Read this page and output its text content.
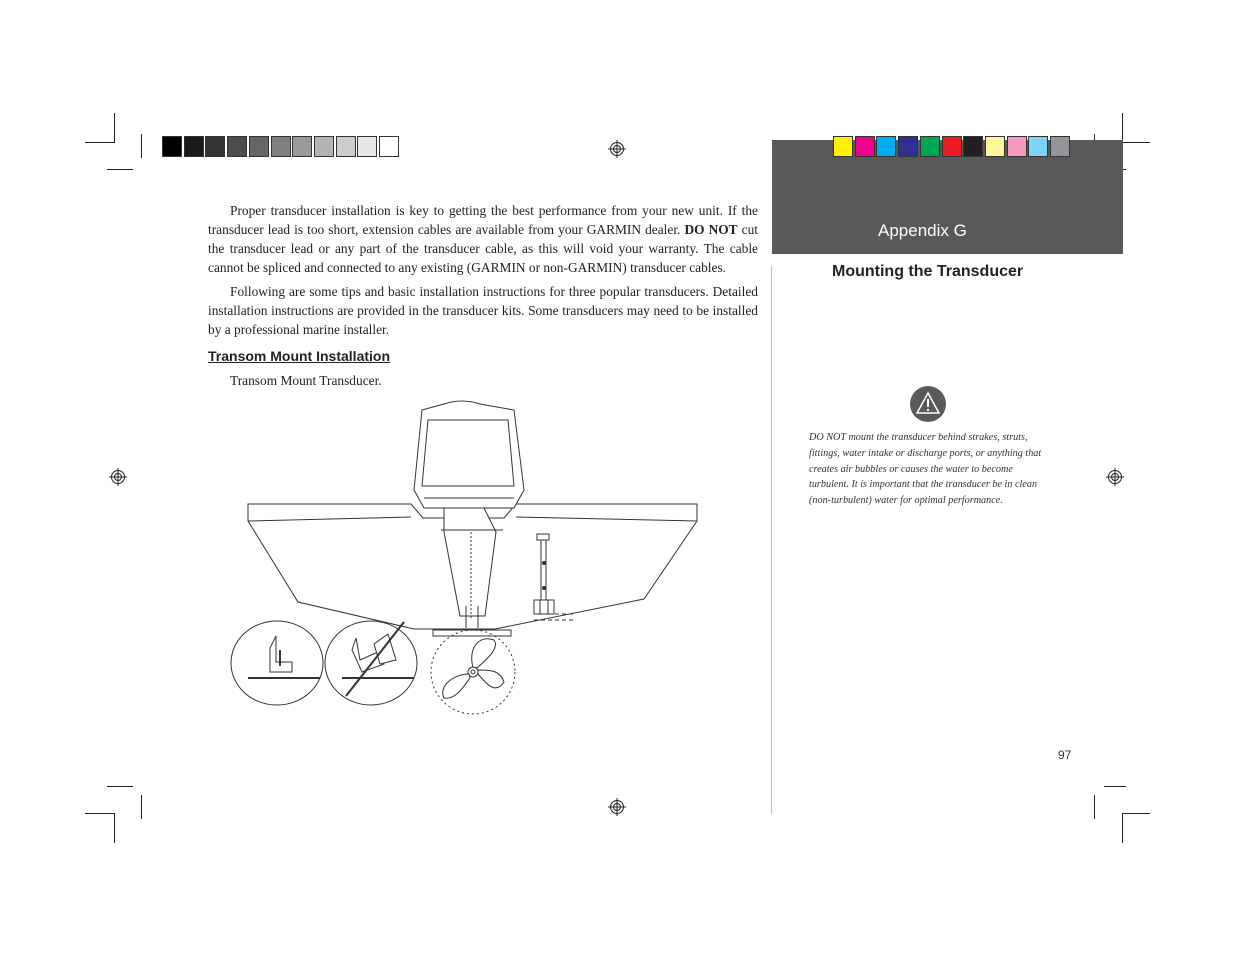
Appendix G
Mounting the Transducer
Proper transducer installation is key to getting the best performance from your new unit. If the transducer lead is too short, extension cables are available from your GARMIN dealer. DO NOT cut the transducer lead or any part of the transducer cable, as this will void your warranty. The cable cannot be spliced and connected to any existing (GARMIN or non-GARMIN) transducer cables.
Following are some tips and basic installation instructions for three popular transducers. Detailed installation instructions are provided in the transducer kits. Some transducers may need to be installed by a professional marine installer.
Transom Mount Installation
Transom Mount Transducer.
DO NOT mount the transducer behind strakes, struts, fittings, water intake or discharge ports, or anything that creates air bubbles or causes the water to become turbulent. It is important that the transducer be in clean (non-turbulent) water for optimal performance.
97
